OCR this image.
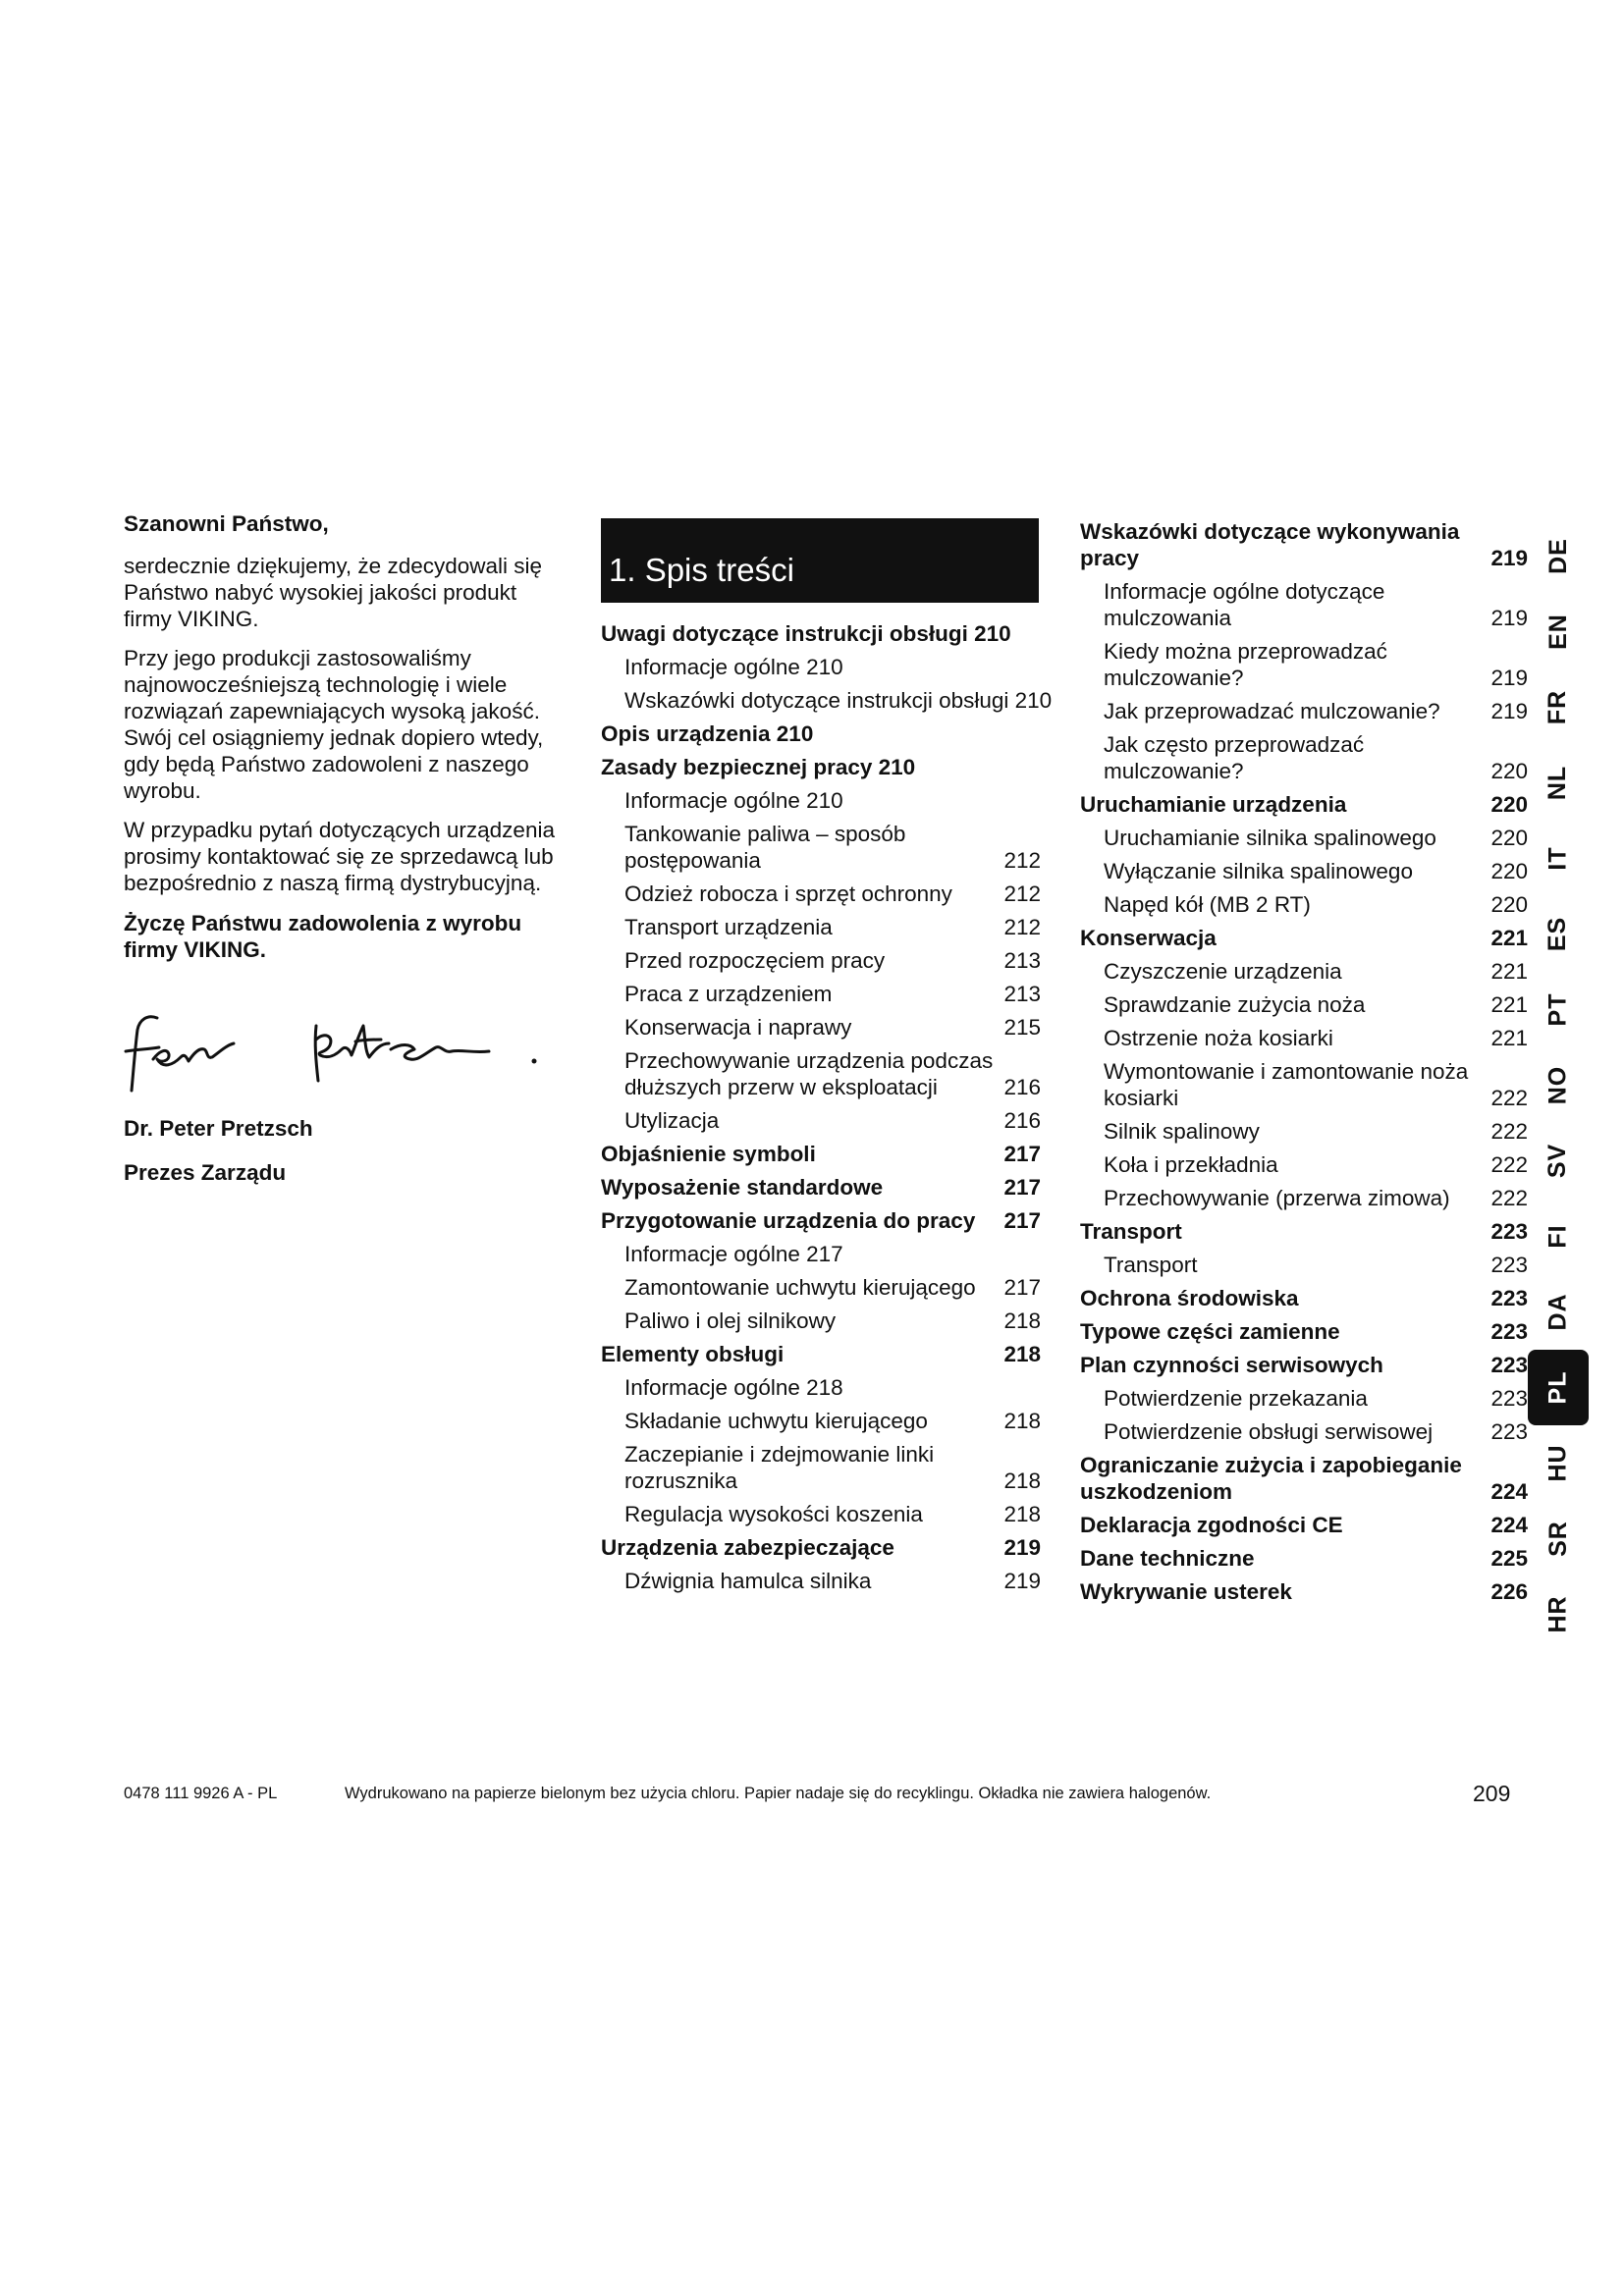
Szanowni Państwo,

serdecznie dziękujemy, że zdecydowali się Państwo nabyć wysokiej jakości produkt firmy VIKING.

Przy jego produkcji zastosowaliśmy najnowocześniejszą technologię i wiele rozwiązań zapewniających wysoką jakość. Swój cel osiągniemy jednak dopiero wtedy, gdy będą Państwo zadowoleni z naszego wyrobu.

W przypadku pytań dotyczących urządzenia prosimy kontaktować się ze sprzedawcą lub bezpośrednio z naszą firmą dystrybucyjną.

Życzę Państwu zadowolenia z wyrobu firmy VIKING.

Dr. Peter Pretzsch

Prezes Zarządu

1. Spis treści
Uwagi dotyczące instrukcji obsługi 210
Informacje ogólne 210
Wskazówki dotyczące instrukcji obsługi 210
Opis urządzenia 210
Zasady bezpiecznej pracy 210
Informacje ogólne 210
Tankowanie paliwa – sposób postępowania	212
Odzież robocza i sprzęt ochronny	212
Transport urządzenia	212
Przed rozpoczęciem pracy	213
Praca z urządzeniem	213
Konserwacja i naprawy	215
Przechowywanie urządzenia podczas dłuższych przerw w eksploatacji	216
Utylizacja	216
Objaśnienie symboli	217
Wyposażenie standardowe	217
Przygotowanie urządzenia do pracy	217
Informacje ogólne 217
Zamontowanie uchwytu kierującego	217
Paliwo i olej silnikowy	218
Elementy obsługi	218
Informacje ogólne 218
Składanie uchwytu kierującego	218
Zaczepianie i zdejmowanie linki rozrusznika	218
Regulacja wysokości koszenia	218
Urządzenia zabezpieczające	219
Dźwignia hamulca silnika	219
Wskazówki dotyczące wykonywania pracy	219
Informacje ogólne dotyczące mulczowania	219
Kiedy można przeprowadzać mulczowanie?	219
Jak przeprowadzać mulczowanie?	219
Jak często przeprowadzać mulczowanie?	220
Uruchamianie urządzenia	220
Uruchamianie silnika spalinowego	220
Wyłączanie silnika spalinowego	220
Napęd kół (MB 2 RT)	220
Konserwacja	221
Czyszczenie urządzenia	221
Sprawdzanie zużycia noża	221
Ostrzenie noża kosiarki	221
Wymontowanie i zamontowanie noża kosiarki	222
Silnik spalinowy	222
Koła i przekładnia	222
Przechowywanie (przerwa zimowa)	222
Transport	223
Transport	223
Ochrona środowiska	223
Typowe części zamienne	223
Plan czynności serwisowych	223
Potwierdzenie przekazania	223
Potwierdzenie obsługi serwisowej	223
Ograniczanie zużycia i zapobieganie uszkodzeniom	224
Deklaracja zgodności CE	224
Dane techniczne	225
Wykrywanie usterek	226
DE
EN
FR
NL
IT
ES
PT
NO
SV
FI
DA
PL
HU
SR
HR
0478 111 9926 A - PL	Wydrukowano na papierze bielonym bez użycia chloru. Papier nadaje się do recyklingu. Okładka nie zawiera halogenów.	209
